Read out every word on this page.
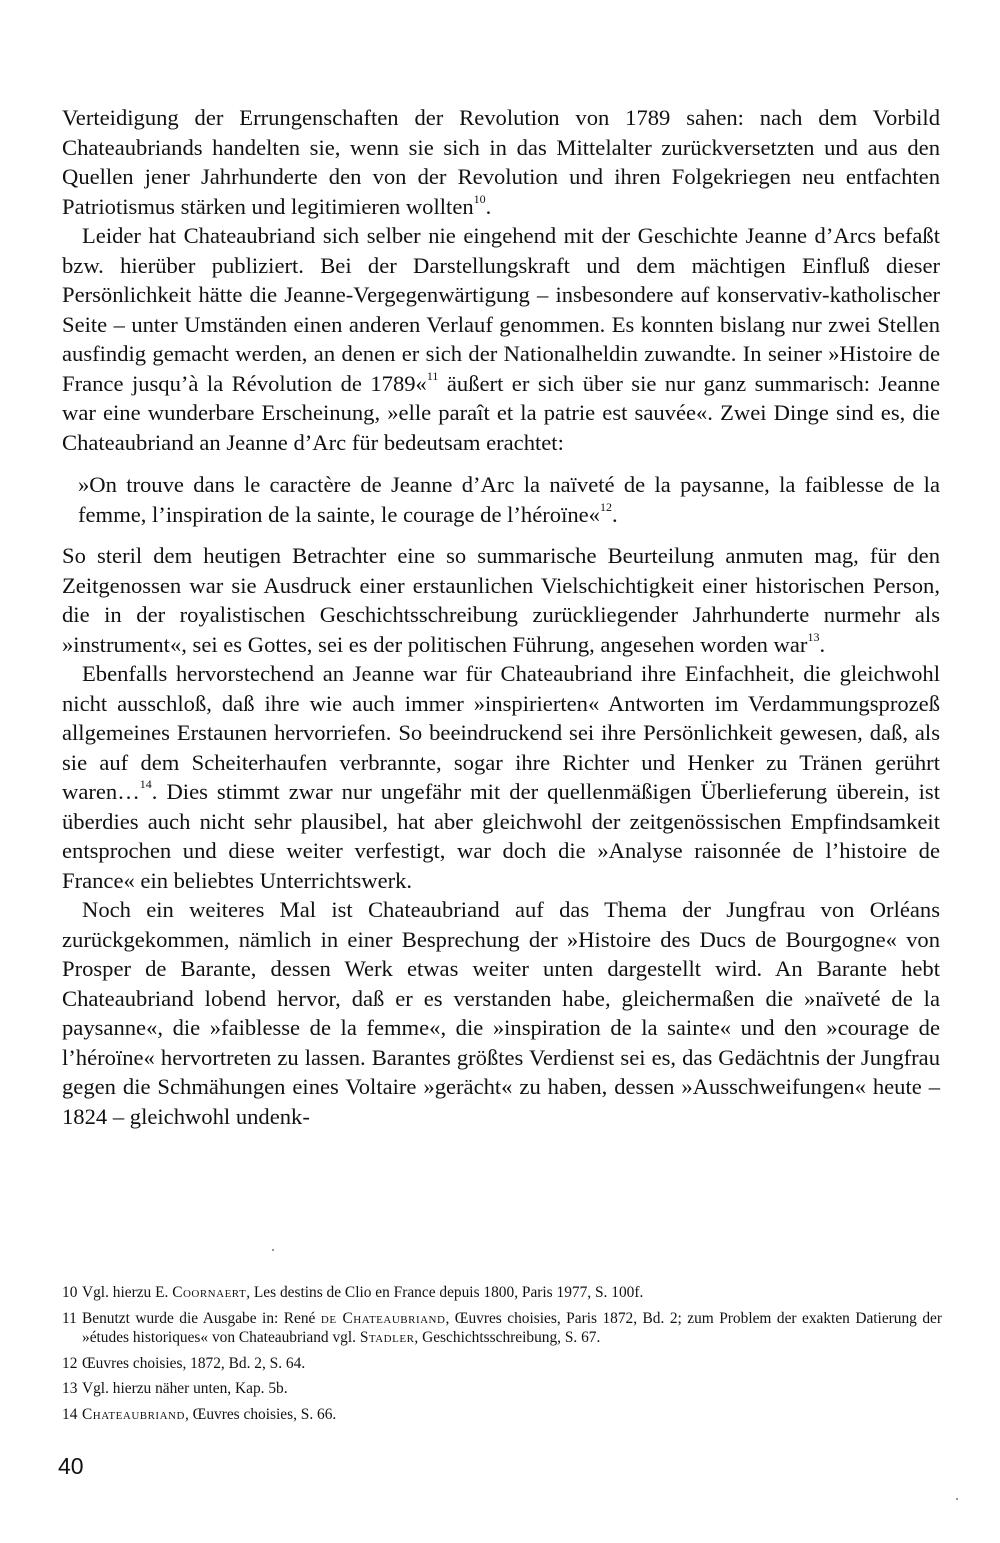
Verteidigung der Errungenschaften der Revolution von 1789 sahen: nach dem Vorbild Chateaubriands handelten sie, wenn sie sich in das Mittelalter zurückversetzten und aus den Quellen jener Jahrhunderte den von der Revolution und ihren Folgekriegen neu entfachten Patriotismus stärken und legitimieren wollten$^{10}$.

Leider hat Chateaubriand sich selber nie eingehend mit der Geschichte Jeanne d’Arcs befaßt bzw. hierüber publiziert. Bei der Darstellungskraft und dem mächtigen Einfluß dieser Persönlichkeit hätte die Jeanne-Vergegenwärtigung – insbesondere auf konservativ-katholischer Seite – unter Umständen einen anderen Verlauf genommen. Es konnten bislang nur zwei Stellen ausfindig gemacht werden, an denen er sich der Nationalheldin zuwandte. In seiner »Histoire de France jusqu’à la Révolution de 1789«$^{11}$ äußert er sich über sie nur ganz summarisch: Jeanne war eine wunderbare Erscheinung, »elle paraît et la patrie est sauvée«. Zwei Dinge sind es, die Chateaubriand an Jeanne d’Arc für bedeutsam erachtet:

»On trouve dans le caractère de Jeanne d’Arc la naïveté de la paysanne, la faiblesse de la femme, l’inspiration de la sainte, le courage de l’héroïne«$^{12}$.

So steril dem heutigen Betrachter eine so summarische Beurteilung anmuten mag, für den Zeitgenossen war sie Ausdruck einer erstaunlichen Vielschichtigkeit einer historischen Person, die in der royalistischen Geschichtsschreibung zurückliegender Jahrhunderte nurmehr als »instrument«, sei es Gottes, sei es der politischen Führung, angesehen worden war$^{13}$.

Ebenfalls hervorstechend an Jeanne war für Chateaubriand ihre Einfachheit, die gleichwohl nicht ausschloß, daß ihre wie auch immer »inspirierten« Antworten im Verdammungsprozeß allgemeines Erstaunen hervorriefen. So beeindruckend sei ihre Persönlichkeit gewesen, daß, als sie auf dem Scheiterhaufen verbrannte, sogar ihre Richter und Henker zu Tränen gerührt waren…$^{14}$. Dies stimmt zwar nur ungefähr mit der quellenmäßigen Überlieferung überein, ist überdies auch nicht sehr plausibel, hat aber gleichwohl der zeitgenössischen Empfindsamkeit entsprochen und diese weiter verfestigt, war doch die »Analyse raisonnée de l’histoire de France« ein beliebtes Unterrichtswerk.

Noch ein weiteres Mal ist Chateaubriand auf das Thema der Jungfrau von Orléans zurückgekommen, nämlich in einer Besprechung der »Histoire des Ducs de Bourgogne« von Prosper de Barante, dessen Werk etwas weiter unten dargestellt wird. An Barante hebt Chateaubriand lobend hervor, daß er es verstanden habe, gleichermaßen die »naïveté de la paysanne«, die »faiblesse de la femme«, die »inspiration de la sainte« und den »courage de l’héroïne« hervortreten zu lassen. Barantes größtes Verdienst sei es, das Gedächtnis der Jungfrau gegen die Schmähungen eines Voltaire »gerächt« zu haben, dessen »Ausschweifungen« heute – 1824 – gleichwohl undenk-

10 Vgl. hierzu E. Coornaert, Les destins de Clio en France depuis 1800, Paris 1977, S. 100f.
11 Benutzt wurde die Ausgabe in: René de Chateaubriand, Œuvres choisies, Paris 1872, Bd. 2; zum Problem der exakten Datierung der »études historiques« von Chateaubriand vgl. Stadler, Geschichtsschreibung, S. 67.
12 Œuvres choisies, 1872, Bd. 2, S. 64.
13 Vgl. hierzu näher unten, Kap. 5b.
14 Chateaubriand, Œuvres choisies, S. 66.
40
